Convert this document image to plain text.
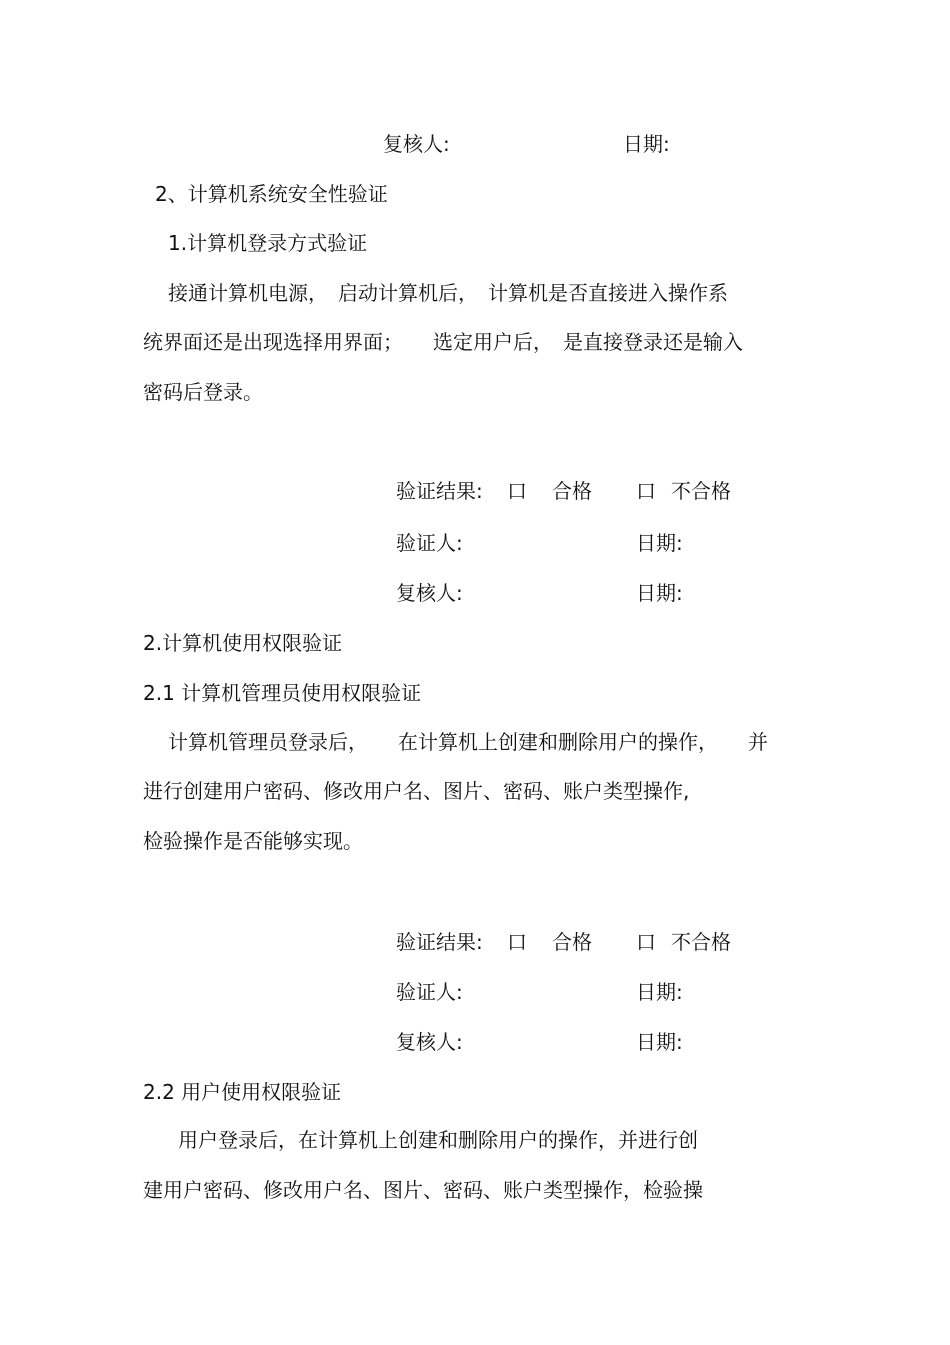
复核人:	日期:
2、计算机系统安全性验证
1.计算机登录方式验证
接通计算机电源，　启动计算机后，　计算机是否直接进入操作系
统界面还是出现选择用界面；　　选定用户后，　是直接登录还是输入
密码后登录。
验证结果: 口 合格 口 不合格
验证人:	日期:
复核人:	日期:
2.计算机使用权限验证
2.1 计算机管理员使用权限验证
计算机管理员登录后，　　在计算机上创建和删除用户的操作，　　并
进行创建用户密码、修改用户名、图片、密码、账户类型操作,
检验操作是否能够实现。
验证结果: 口 合格 口 不合格
验证人:	日期:
复核人:	日期:
2.2 用户使用权限验证
用户登录后，在计算机上创建和删除用户的操作，并进行创
建用户密码、修改用户名、图片、密码、账户类型操作，检验操
